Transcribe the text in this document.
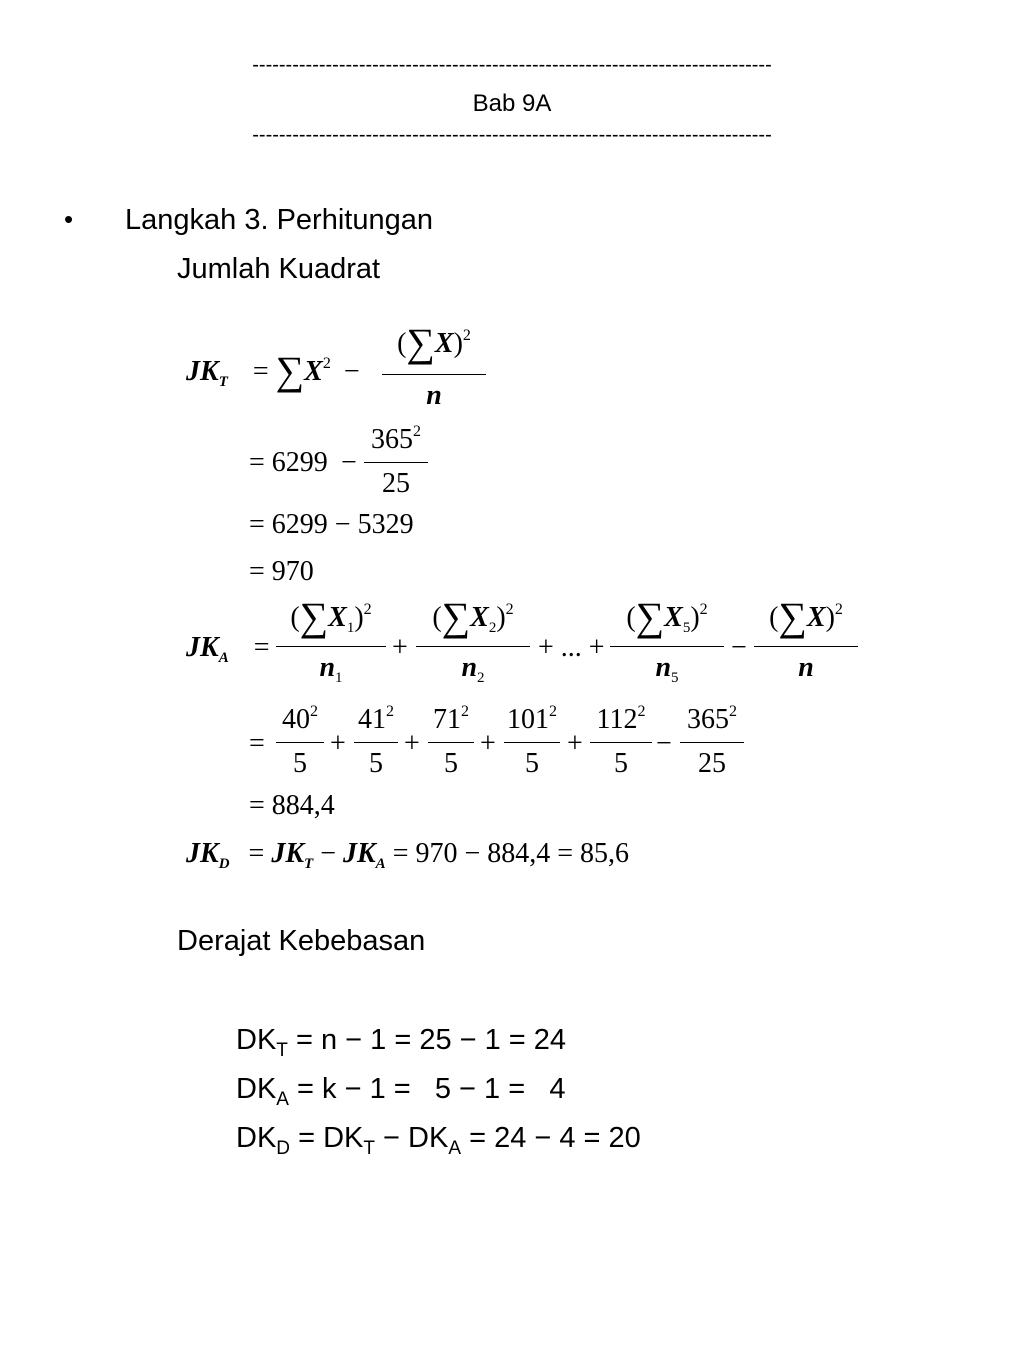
------------------------------------------------------------------------------
Bab 9A
------------------------------------------------------------------------------
• Langkah 3. Perhitungan
Jumlah Kuadrat
$JK_T = \sum X^2$ −
$(\sum X)^2$
n
= 6299 −
$365^2$
25
= 6299 − 5329
= 970
$JK_A$ =
$(\sum X_1)^2$
$n_1$
+
$(\sum X_2)^2$
$n_2$
+ ... +
$(\sum X_5)^2$
$n_5$
−
$(\sum X)^2$
n
=
$40^2$
5
+
$41^2$
5
+
$71^2$
5
+
$101^2$
5
+
$112^2$
5
−
$365^2$
25
= 884,4
$JK_D = JK_T - JK_A = 970 - 884,4 = 85,6$
Derajat Kebebasan
$DK_T = n - 1 = 25 - 1 = 24$
$DK_A = k - 1 = 5 - 1 = 4$
$DK_D = DK_T - DK_A = 24 - 4 = 20$
